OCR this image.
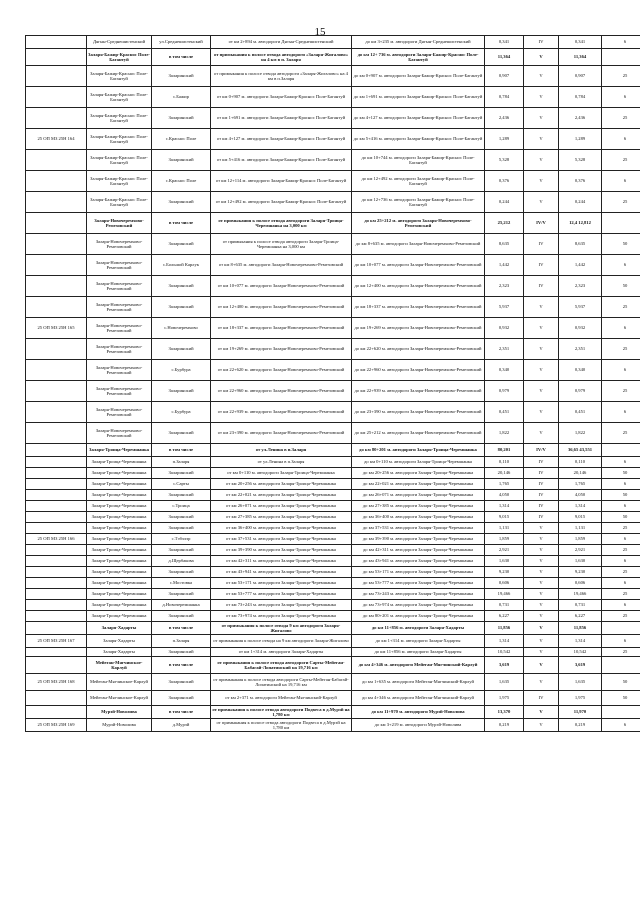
15
	Дягын-Среднешистенский	ул.Среднешистенский	от км 2+894 м. автодороги Дягын-Среднешистенский	до км 3+235 м. автодороги Дягын-Среднешистенский	0,341	IV	0,341	6
	Заларя-Бажир-Краснос Поле-Багантуй	в том числе	от примыкания к полосе отвода автодороги «Заларя-Жигалово» на 4 км в п. Заларя	до км 12+ 736 м. автодороги Заларя-Бажир-Краснос Поле-Багантуй	11,364	V	11,364	
	Заларя-Бажир-Краснос Поле-Багантуй	Заларинский	от примыкания к полосе отвода автодороги «Заларя-Жигалово» на 4 км в п.Заларя	до км 0+907 м. автодороги Заларя-Бажир-Краснос Поле-Багантуй	0,907	V	0,907	25
	Заларя-Бажир-Краснос Поле-Багантуй	с.Бажир	от км 0+907 м. автодороги Заларя-Бажир-Краснос Поле-Багантуй	до км 1+691 м. автодороги Заларя-Бажир-Краснос Поле-Багантуй	0,784	V	0,784	6
	Заларя-Бажир-Краснос Поле-Багантуй	Заларинский	от км 1+691 м. автодороги Заларя-Бажир-Краснос Поле-Багантуй	до км 4+127 м. автодороги Заларя-Бажир-Краснос Поле-Багантуй	2,436	V	2,436	25
25 ОП МЗ 25Н 164	Заларя-Бажир-Краснос Поле-Багантуй	с.Краснос Поле	от км 4+127 м. автодороги Заларя-Бажир-Краснос Поле-Багантуй	до км 5+416 м. автодороги Заларя-Бажир-Краснос Поле-Багантуй	1,289	V	1,289	6
	Заларя-Бажир-Краснос Поле-Багантуй	Заларинский	от км 5+416 м. автодороги Заларя-Бажир-Краснос Поле-Багантуй	до км 10+744 м. автодороги Заларя-Бажир-Краснос Поле-Багантуй	5,328	V	5,328	25
	Заларя-Бажир-Краснос Поле-Багантуй	с.Краснос Поле	от км 12+114 м. автодороги Заларя-Бажир-Краснос Поле-Багантуй	до км 12+492 м. автодороги Заларя-Бажир-Краснос Поле-Багантуй	0,376	V	0,376	6
	Заларя-Бажир-Краснос Поле-Багантуй	Заларинский	от км 12+492 м. автодороги Заларя-Бажир-Краснос Поле-Багантуй	до км 12+736 м. автодороги Заларя-Бажир-Краснос Поле-Багантуй	0,244	V	0,244	25
	Заларя-Новочеремхово-Ремезовский	в том числе	от примыкания к полосе отвода автодороги Заларя-Троица-Черемшанка на 3,000 км	до км 25+212 м. автодороги Заларя-Новочеремхово-Ремезовский	25,212	IV/V	12,4 12,812	
	Заларя-Новочеремхово-Ремезовский	Заларинский	от примыкания к полосе отвода автодороги Заларя-Троица-Черемшанка на 3,000 км	до км 8+635 м. автодороги Заларя-Новочеремхово-Ремезовский	8,635	IV	8,635	50
	Заларя-Новочеремхово-Ремезовский	с.Большой Карлук	от км 8+635 м. автодороги Заларя-Новочеремхово-Ремезовский	до км 10+077 м. автодороги Заларя-Новочеремхово-Ремезовский	1,442	IV	1,442	6
	Заларя-Новочеремхово-Ремезовский	Заларинский	от км 10+077 м. автодороги Заларя-Новочеремхово-Ремезовский	до км 12+400 м. автодороги Заларя-Новочеремхово-Ремезовский	2,323	IV	2,323	50
	Заларя-Новочеремхово-Ремезовский	Заларинский	от км 12+400 м. автодороги Заларя-Новочеремхово-Ремезовский	до км 18+337 м. автодороги Заларя-Новочеремхово-Ремезовский	5,937	V	5,937	25
25 ОП МЗ 25Н 165	Заларя-Новочеремхово-Ремезовский	с.Новочеремхово	от км 18+337 м. автодороги Заларя-Новочеремхово-Ремезовский	до км 19+269 м. автодороги Заларя-Новочеремхово-Ремезовский	0,932	V	0,932	6
	Заларя-Новочеремхово-Ремезовский	Заларинский	от км 19+269 м. автодороги Заларя-Новочеремхово-Ремезовский	до км 22+620 м. автодороги Заларя-Новочеремхово-Ремезовский	2,351	V	2,351	25
	Заларя-Новочеремхово-Ремезовский	с.Бурбура	от км 22+620 м. автодороги Заларя-Новочеремхово-Ремезовский	до км 22+960 м. автодороги Заларя-Новочеремхово-Ремезовский	0,340	V	0,340	6
	Заларя-Новочеремхово-Ремезовский	Заларинский	от км 22+960 м. автодороги Заларя-Новочеремхово-Ремезовский	до км 22+939 м. автодороги Заларя-Новочеремхово-Ремезовский	0,979	V	0,979	25
	Заларя-Новочеремхово-Ремезовский	с.Бурбура	от км 22+939 м. автодороги Заларя-Новочеремхово-Ремезовский	до км 23+390 м. автодороги Заларя-Новочеремхово-Ремезовский	0,451	V	0,451	6
	Заларя-Новочеремхово-Ремезовский	Заларинский	от км 23+390 м. автодороги Заларя-Новочеремхово-Ремезовский	до км 25+212 м. автодороги Заларя-Новочеремхово-Ремезовский	1,822	V	1,822	25
	Заларя-Троица-Черемшанка	в том числе	от ул.Ленина в п.Заларя	до км 80+201 м. автодороги Заларя-Троица-Черемшанка	80,201	IV/V	36,65 43,551	
	Заларя-Троица-Черемшанка	п.Заларя	от ул.Ленина в п.Заларя	до км 0+110 м. автодороги Заларя-Троица-Черемшанка	0,110	IV	0,110	6
	Заларя-Троица-Черемшанка	Заларинский	от км 0+110 м. автодороги Заларя-Троица-Черемшанка	до км 20+256 м. автодороги Заларя-Троица-Черемшанка	20,146	IV	20,146	50
	Заларя-Троица-Черемшанка	с.Сарты	от км 20+256 м. автодороги Заларя-Троица-Черемшанка	до км 22+021 м. автодороги Заларя-Троица-Черемшанка	1,765	IV	1,765	6
	Заларя-Троица-Черемшанка	Заларинский	от км 22+021 м. автодороги Заларя-Троица-Черемшанка	до км 26+071 м. автодороги Заларя-Троица-Черемшанка	4,050	IV	4,050	50
	Заларя-Троица-Черемшанка	с.Троица	от км 26+071 м. автодороги Заларя-Троица-Черемшанка	до км 27+385 м. автодороги Заларя-Троица-Черемшанка	1,314	IV	1,314	6
	Заларя-Троица-Черемшанка	Заларинский	от км 27+385 м. автодороги Заларя-Троица-Черемшанка	до км 36+400 м. автодороги Заларя-Троица-Черемшанка	9,015	IV	9,015	50
	Заларя-Троица-Черемшанка	Заларинский	от км 36+400 м. автодороги Заларя-Троица-Черемшанка	до км 37+531 м. автодороги Заларя-Троица-Черемшанка	1,131	V	1,131	25
25 ОП МЗ 25Н 166	Заларя-Троица-Черемшанка	с.Тэбэлэр	от км 37+531 м. автодороги Заларя-Троица-Черемшанка	до км 39+390 м. автодороги Заларя-Троица-Черемшанка	1,859	V	1,859	6
	Заларя-Троица-Черемшанка	Заларинский	от км 39+390 м. автодороги Заларя-Троица-Черемшанка	до км 42+311 м. автодороги Заларя-Троица-Черемшанка	2,921	V	2,921	25
	Заларя-Троица-Черемшанка	д.Щербакова	от км 42+311 м. автодороги Заларя-Троица-Черемшанка	до км 43+941 м. автодороги Заларя-Троица-Черемшанка	1,630	V	1,630	6
	Заларя-Троица-Черемшанка	Заларинский	от км 43+941 м. автодороги Заларя-Троица-Черемшанка	до км 53+171 м. автодороги Заларя-Троица-Черемшанка	9,230	V	9,230	25
	Заларя-Троица-Черемшанка	с.Мостовка	от км 53+171 м. автодороги Заларя-Троица-Черемшанка	до км 53+777 м. автодороги Заларя-Троица-Черемшанка	0,606	V	0,606	6
	Заларя-Троица-Черемшанка	Заларинский	от км 53+777 м. автодороги Заларя-Троица-Черемшанка	до км 73+243 м. автодороги Заларя-Троица-Черемшанка	19,466	V	19,466	25
	Заларя-Троица-Черемшанка	д.Новочеремшанка	от км 73+243 м. автодороги Заларя-Троица-Черемшанка	до км 73+974 м. автодороги Заларя-Троица-Черемшанка	0,731	V	0,731	6
	Заларя-Троица-Черемшанка	Заларинский	от км 73+974 м. автодороги Заларя-Троица-Черемшанка	до км 80+201 м. автодороги Заларя-Троица-Черемшанка	6,227	V	6,227	25
	Заларя-Хадарты	в том числе	от примыкания к полосе отвода 9 км автодороги Заларя-Жигалово	до км 11+856 м. автодороги Заларя-Хадарты	11,856	V	11,856	
25 ОП МЗ 25Н 167	Заларя-Хадарты	п.Заларя	от примыкания к полосе отвода на 9 км автодороги Заларя-Жигалово	до км 1+314 м. автодороги Заларя-Хадарты	1,314	V	1,314	6
	Заларя-Хадарты	Заларинский	от км 1+314 м. автодороги Заларя-Хадарты	до км 11+856 м. автодороги Заларя-Хадарты	10,542	V	10,542	25
	Мейеган-Мягчинское-Карлуй	в том числе	от примыкания к полосе отвода автодороги Сарты-Мейеган-Бабагай-Лопатинский на 19,716 км	до км 4+346 м. автодороги Мейеган-Мягчинский-Карлуй	3,619	V	3,619	
25 ОП МЗ 25Н 168	Мейеган-Мягчинское-Карлуй	Заларинский	от примыкания к полосе отвода автодороги Сарты-Мейеган-Бабагай-Лопатинский на 19,716 км	до км 1+635 м. автодороги Мейеган-Мягчинский-Карлуй	1,635	V	1,635	50
	Мейеган-Мягчинское-Карлуй	Заларинский	от км 2+371 м. автодороги Мейеган-Мягчинский-Карлуй	до км 4+346 м. автодороги Мейеган-Мягчинский-Карлуй	1,975	IV	1,975	50
	Мурэй-Новолива	в том числе	от примыкания к полосе отвода автодороги Подвеса в д.Мурэй на 1,780 км	до км 11+970 м. автодороги Мурэй-Новолива	13,370	V	11,970	
25 ОП МЗ 25Н 169	Мурэй-Новолива	д.Мурэй	от примыкания к полосе отвода автодороги Подвеса в д.Мурэй на 1,780 км	до км 3+219 м. автодороги Мурэй-Новолива	0,219	V	0,219	6
